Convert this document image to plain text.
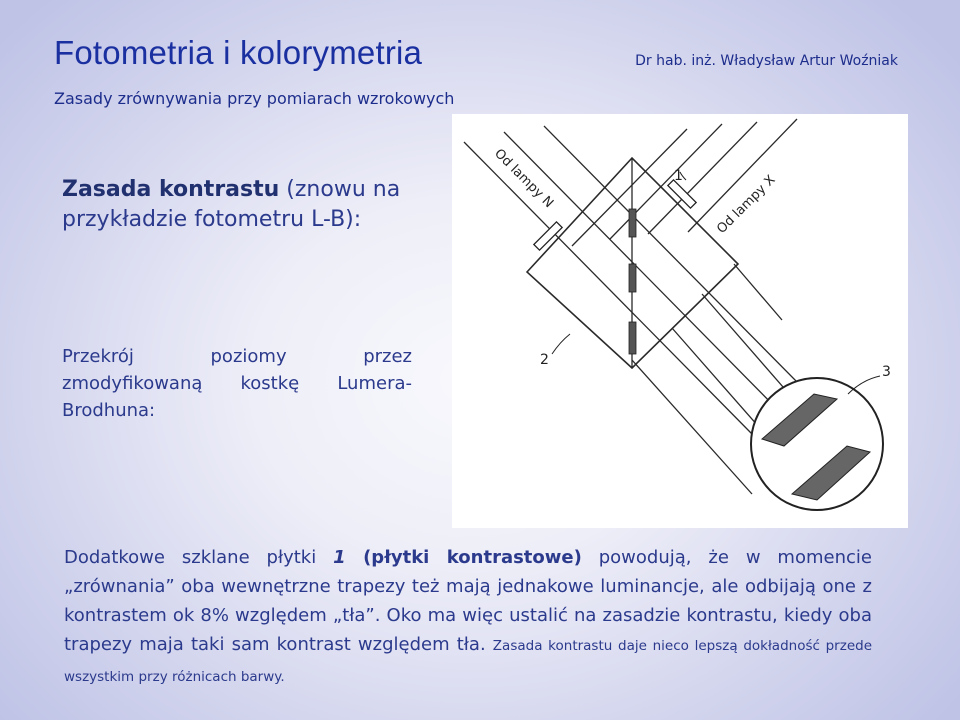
Fotometria i kolorymetria
Zasady zrównywania przy pomiarach wzrokowych
Dr hab. inż. Władysław Artur Woźniak
Zasada kontrastu (znowu na przykładzie fotometru L-B):
Przekrój poziomy przez zmodyfikowaną kostkę Lumera-
Brodhuna:
Od lampy N	Od lampy X
1
2
3
Dodatkowe szklane płytki 1 (płytki kontrastowe) powodują, że w momencie „zrównania” oba wewnętrzne trapezy też mają jednakowe luminancje, ale odbijają one z kontrastem ok 8% względem „tła”. Oko ma więc ustalić na zasadzie kontrastu, kiedy oba trapezy maja taki sam kontrast względem tła. Zasada kontrastu daje nieco lepszą dokładność przede wszystkim przy różnicach barwy.
